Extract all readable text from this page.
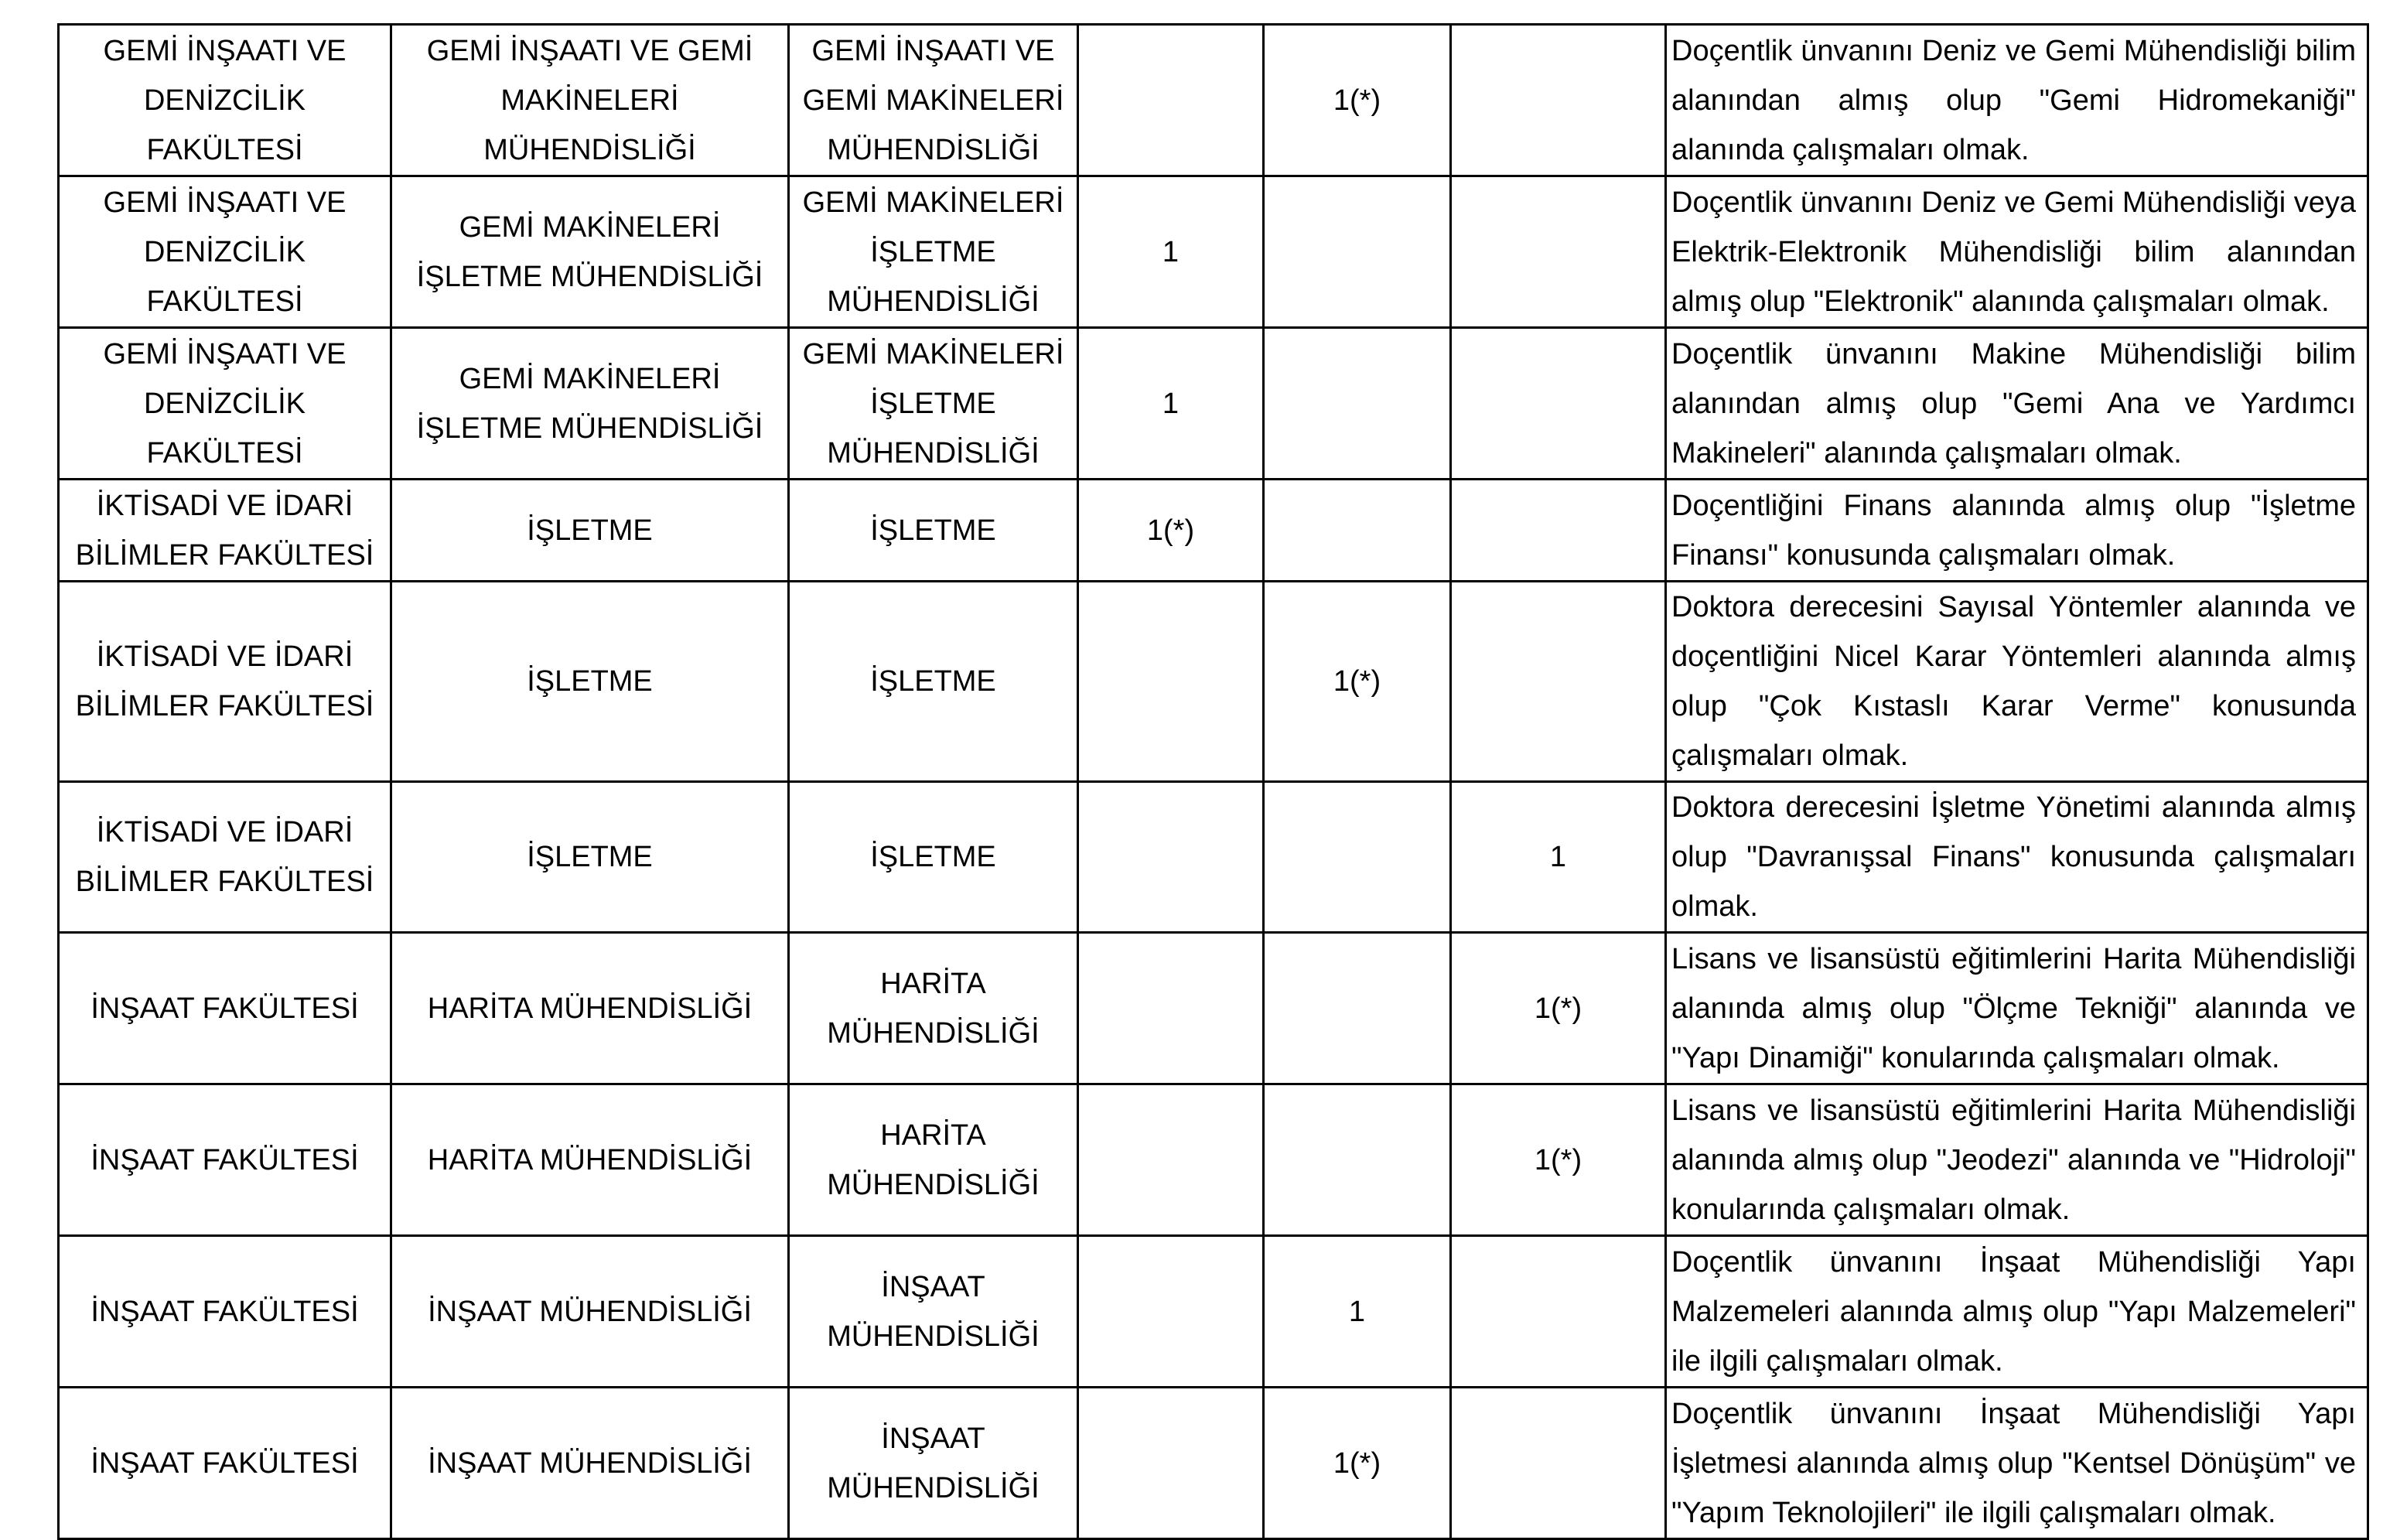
GEMİ İNŞAATI VE DENİZCİLİK FAKÜLTESİ	GEMİ İNŞAATI VE GEMİ MAKİNELERİ MÜHENDİSLİĞİ	GEMİ İNŞAATI VE GEMİ MAKİNELERİ MÜHENDİSLİĞİ		1(*)		Doçentlik ünvanını Deniz ve Gemi Mühendisliği bilim alanından almış olup "Gemi Hidromekaniği" alanında çalışmaları olmak.
GEMİ İNŞAATI VE DENİZCİLİK FAKÜLTESİ	GEMİ MAKİNELERİ İŞLETME MÜHENDİSLİĞİ	GEMİ MAKİNELERİ İŞLETME MÜHENDİSLİĞİ	1			Doçentlik ünvanını Deniz ve Gemi Mühendisliği veya Elektrik-Elektronik Mühendisliği bilim alanından almış olup "Elektronik" alanında çalışmaları olmak.
GEMİ İNŞAATI VE DENİZCİLİK FAKÜLTESİ	GEMİ MAKİNELERİ İŞLETME MÜHENDİSLİĞİ	GEMİ MAKİNELERİ İŞLETME MÜHENDİSLİĞİ	1			Doçentlik ünvanını Makine Mühendisliği bilim alanından almış olup "Gemi Ana ve Yardımcı Makineleri" alanında çalışmaları olmak.
İKTİSADİ VE İDARİ BİLİMLER FAKÜLTESİ	İŞLETME	İŞLETME	1(*)			Doçentliğini Finans alanında almış olup "İşletme Finansı" konusunda çalışmaları olmak.
İKTİSADİ VE İDARİ BİLİMLER FAKÜLTESİ	İŞLETME	İŞLETME		1(*)		Doktora derecesini Sayısal Yöntemler alanında ve doçentliğini Nicel Karar Yöntemleri alanında almış olup "Çok Kıstaslı Karar Verme" konusunda çalışmaları olmak.
İKTİSADİ VE İDARİ BİLİMLER FAKÜLTESİ	İŞLETME	İŞLETME			1	Doktora derecesini İşletme Yönetimi alanında almış olup "Davranışsal Finans" konusunda çalışmaları olmak.
İNŞAAT FAKÜLTESİ	HARİTA MÜHENDİSLİĞİ	HARİTA MÜHENDİSLİĞİ			1(*)	Lisans ve lisansüstü eğitimlerini Harita Mühendisliği alanında almış olup "Ölçme Tekniği" alanında ve "Yapı Dinamiği" konularında çalışmaları olmak.
İNŞAAT FAKÜLTESİ	HARİTA MÜHENDİSLİĞİ	HARİTA MÜHENDİSLİĞİ			1(*)	Lisans ve lisansüstü eğitimlerini Harita Mühendisliği alanında almış olup "Jeodezi" alanında ve "Hidroloji" konularında çalışmaları olmak.
İNŞAAT FAKÜLTESİ	İNŞAAT MÜHENDİSLİĞİ	İNŞAAT MÜHENDİSLİĞİ		1		Doçentlik ünvanını İnşaat Mühendisliği Yapı Malzemeleri alanında almış olup "Yapı Malzemeleri" ile ilgili çalışmaları olmak.
İNŞAAT FAKÜLTESİ	İNŞAAT MÜHENDİSLİĞİ	İNŞAAT MÜHENDİSLİĞİ		1(*)		Doçentlik ünvanını İnşaat Mühendisliği Yapı İşletmesi alanında almış olup "Kentsel Dönüşüm" ve "Yapım Teknolojileri" ile ilgili çalışmaları olmak.
